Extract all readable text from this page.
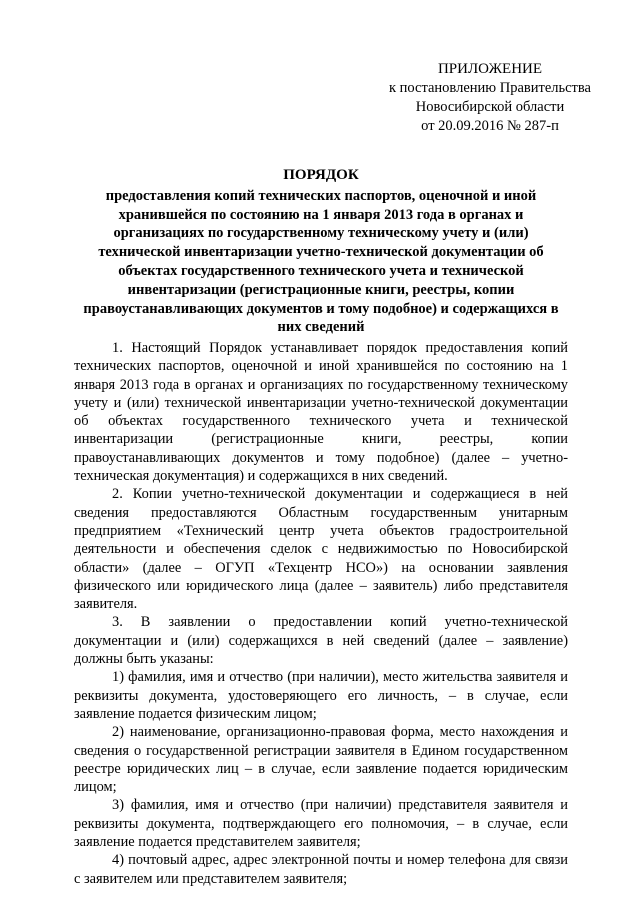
ПРИЛОЖЕНИЕ
к постановлению Правительства
Новосибирской области
от 20.09.2016 № 287-п
ПОРЯДОК
предоставления копий технических паспортов, оценочной и иной хранившейся по состоянию на 1 января 2013 года в органах и организациях по государственному техническому учету и (или) технической инвентаризации учетно-технической документации об объектах государственного технического учета и технической инвентаризации (регистрационные книги, реестры, копии правоустанавливающих документов и тому подобное) и содержащихся в них сведений

1. Настоящий Порядок устанавливает порядок предоставления копий технических паспортов, оценочной и иной хранившейся по состоянию на 1 января 2013 года в органах и организациях по государственному техническому учету и (или) технической инвентаризации учетно-технической документации об объектах государственного технического учета и технической инвентаризации (регистрационные книги, реестры, копии правоустанавливающих документов и тому подобное) (далее – учетно-техническая документация) и содержащихся в них сведений.

2. Копии учетно-технической документации и содержащиеся в ней сведения предоставляются Областным государственным унитарным предприятием «Технический центр учета объектов градостроительной деятельности и обеспечения сделок с недвижимостью по Новосибирской области» (далее – ОГУП «Техцентр НСО») на основании заявления физического или юридического лица (далее – заявитель) либо представителя заявителя.

3. В заявлении о предоставлении копий учетно-технической документации и (или) содержащихся в ней сведений (далее – заявление) должны быть указаны:

1) фамилия, имя и отчество (при наличии), место жительства заявителя и реквизиты документа, удостоверяющего его личность, – в случае, если заявление подается физическим лицом;

2) наименование, организационно-правовая форма, место нахождения и сведения о государственной регистрации заявителя в Едином государственном реестре юридических лиц – в случае, если заявление подается юридическим лицом;

3) фамилия, имя и отчество (при наличии) представителя заявителя и реквизиты документа, подтверждающего его полномочия, – в случае, если заявление подается представителем заявителя;

4) почтовый адрес, адрес электронной почты и номер телефона для связи с заявителем или представителем заявителя;
